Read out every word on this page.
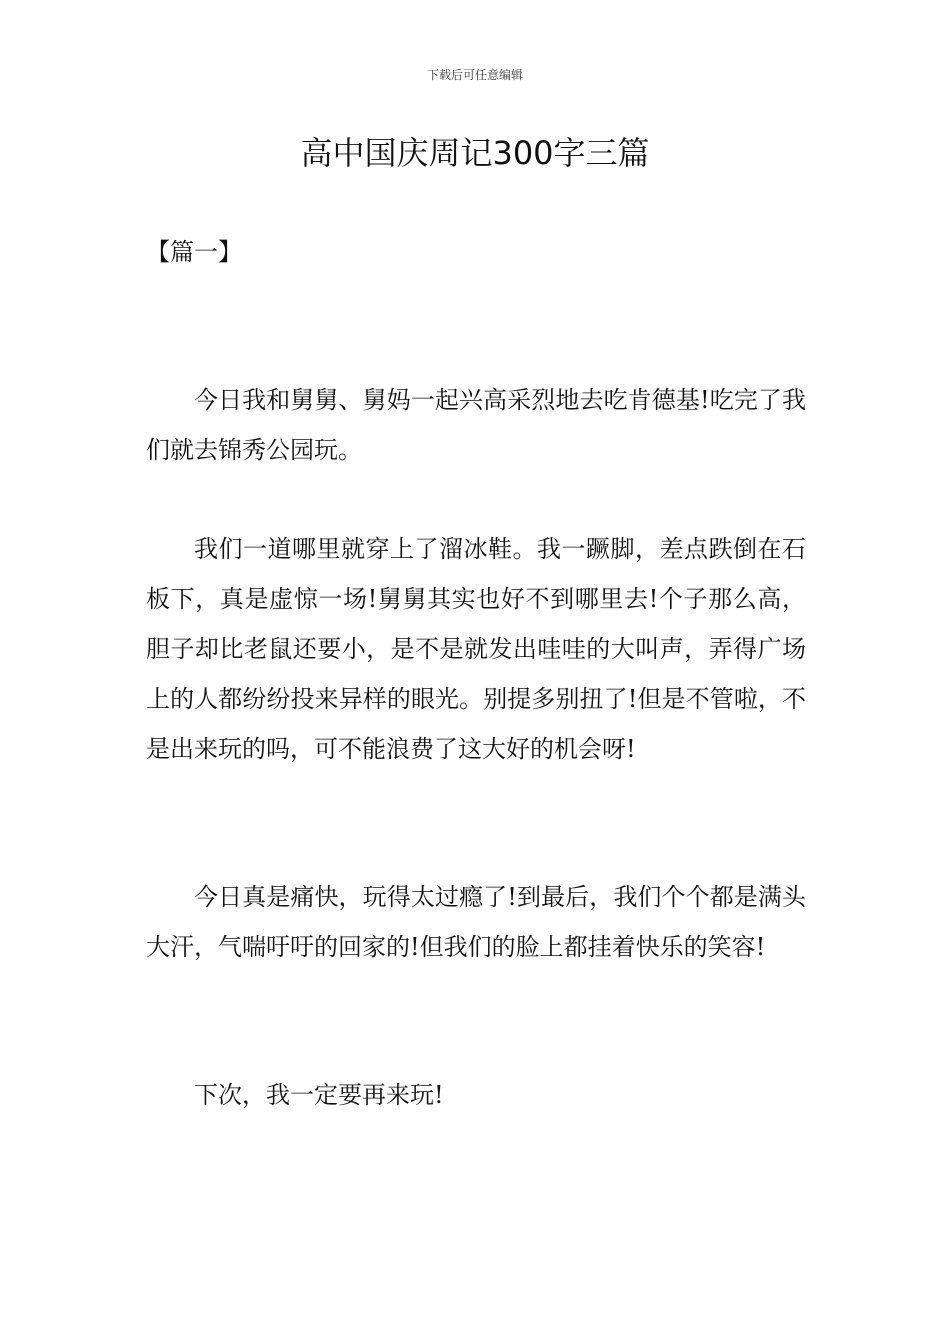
下载后可任意编辑
高中国庆周记300字三篇
【篇一】

今日我和舅舅、舅妈一起兴高采烈地去吃肯德基!吃完了我们就去锦秀公园玩。

我们一道哪里就穿上了溜冰鞋。我一蹶脚，差点跌倒在石板下，真是虚惊一场!舅舅其实也好不到哪里去!个子那么高，胆子却比老鼠还要小，是不是就发出哇哇的大叫声，弄得广场上的人都纷纷投来异样的眼光。别提多别扭了!但是不管啦，不是出来玩的吗，可不能浪费了这大好的机会呀!

今日真是痛快，玩得太过瘾了!到最后，我们个个都是满头大汗，气喘吁吁的回家的!但我们的脸上都挂着快乐的笑容!

下次，我一定要再来玩!
